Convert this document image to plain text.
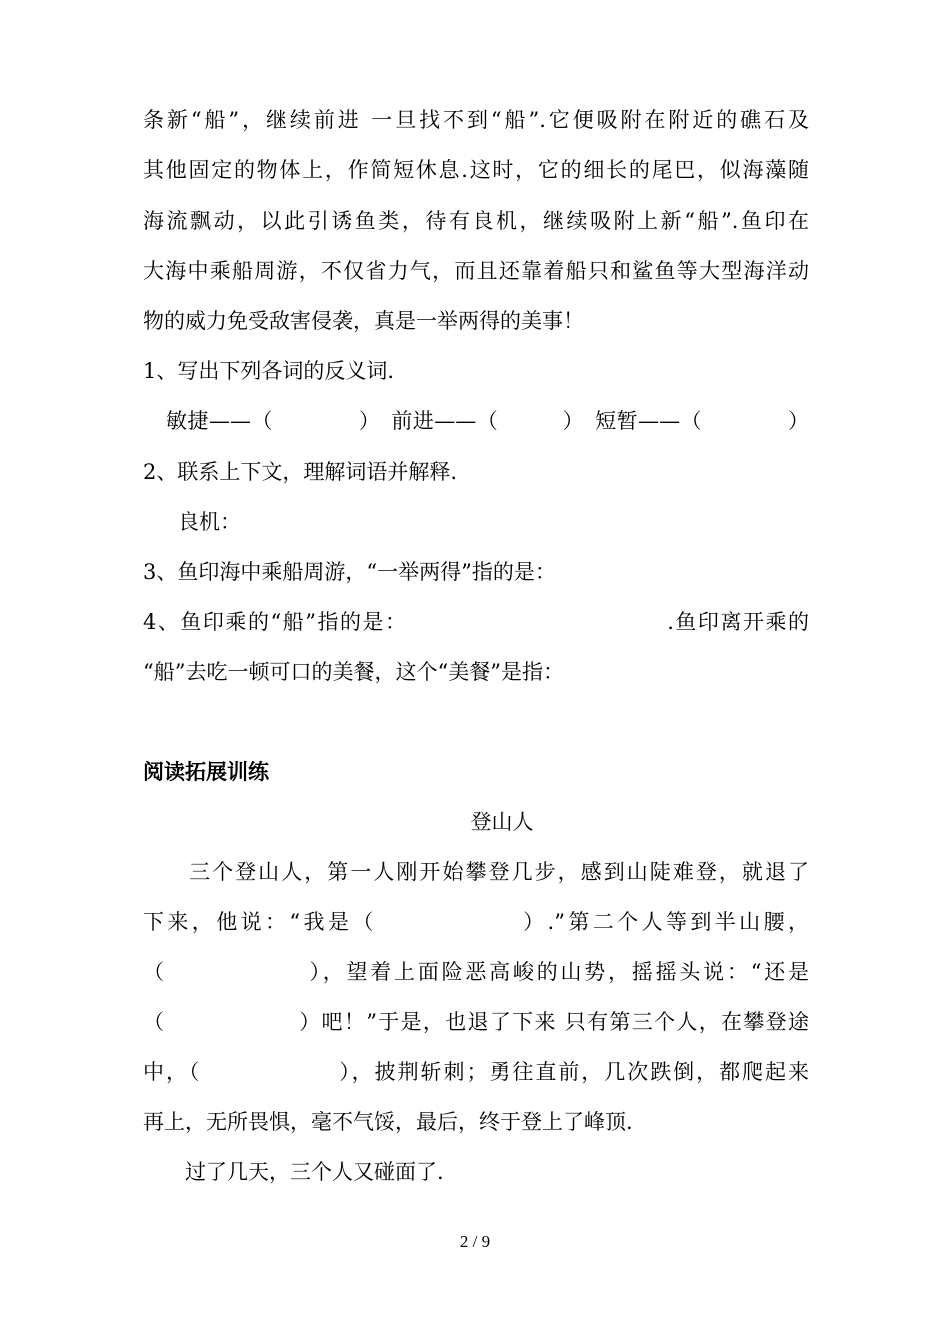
条新“船”，继续前进 一旦找不到“船”.它便吸附在附近的礁石及
其他固定的物体上，作简短休息.这时，它的细长的尾巴，似海藻随
海流飘动，以此引诱鱼类，待有良机，继续吸附上新“船”.鱼印在
大海中乘船周游，不仅省力气，而且还靠着船只和鲨鱼等大型海洋动
物的威力免受敌害侵袭，真是一举两得的美事！
1、写出下列各词的反义词.
敏捷——（　　　　）　前进——（　　　）　短暂——（　　　　）
2、联系上下文，理解词语并解释.
良机：
3、鱼印海中乘船周游，“一举两得”指的是：
4、鱼印乘的“船”指的是：　　　　　　　　　　　　.鱼印离开乘的
“船”去吃一顿可口的美餐，这个“美餐”是指：
阅读拓展训练
登山人
　　三个登山人，第一人刚开始攀登几步，感到山陡难登，就退了
下来，他说：“我是（　　　　　　）.”第二个人等到半山腰，
（　　　　　　），望着上面险恶高峻的山势，摇摇头说：“还是
（　　　　　　）吧！”于是，也退了下来 只有第三个人，在攀登途
中，（　　　　　　），披荆斩刺；勇往直前，几次跌倒，都爬起来
再上，无所畏惧，毫不气馁，最后，终于登上了峰顶.
　　过了几天，三个人又碰面了.
2 / 9
